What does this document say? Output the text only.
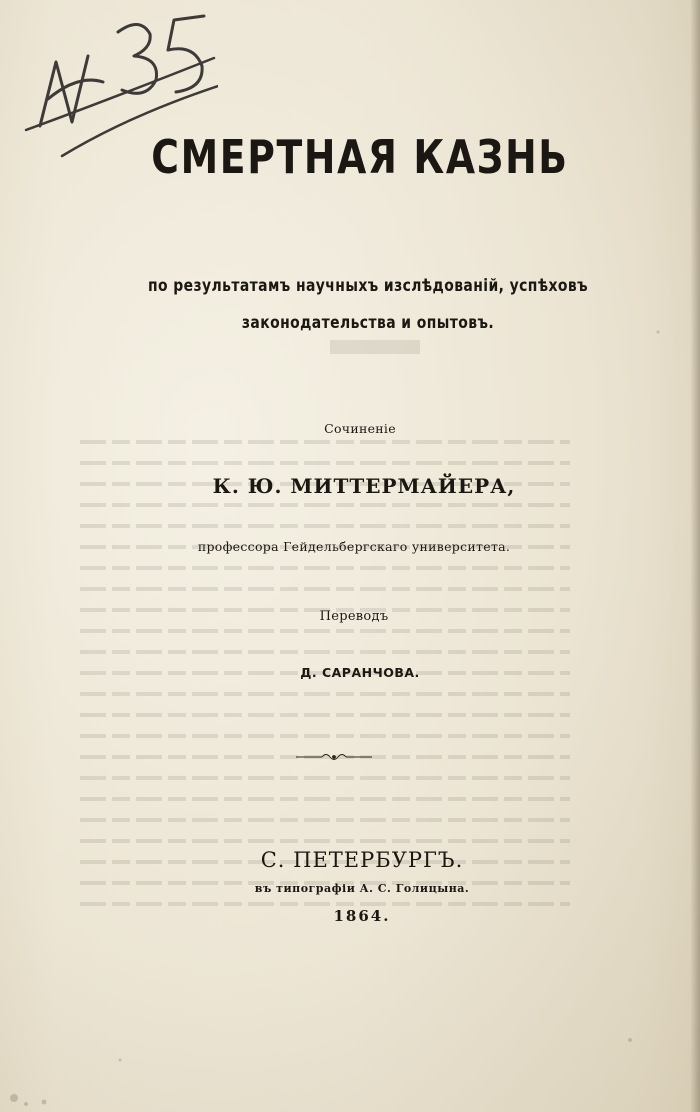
СМЕРТНАЯ КАЗНЬ
по результатамъ научныхъ изслѣдованій, успѣховъ
законодательства и опытовъ.
Сочиненіе
К. Ю. МИТТЕРМАЙЕРА,
профессора Гейдельбергскаго университета.
Переводъ
Д. САРАНЧОВА.
С. ПЕТЕРБУРГЪ.
въ типографіи А. С. Голицына.
1864.
